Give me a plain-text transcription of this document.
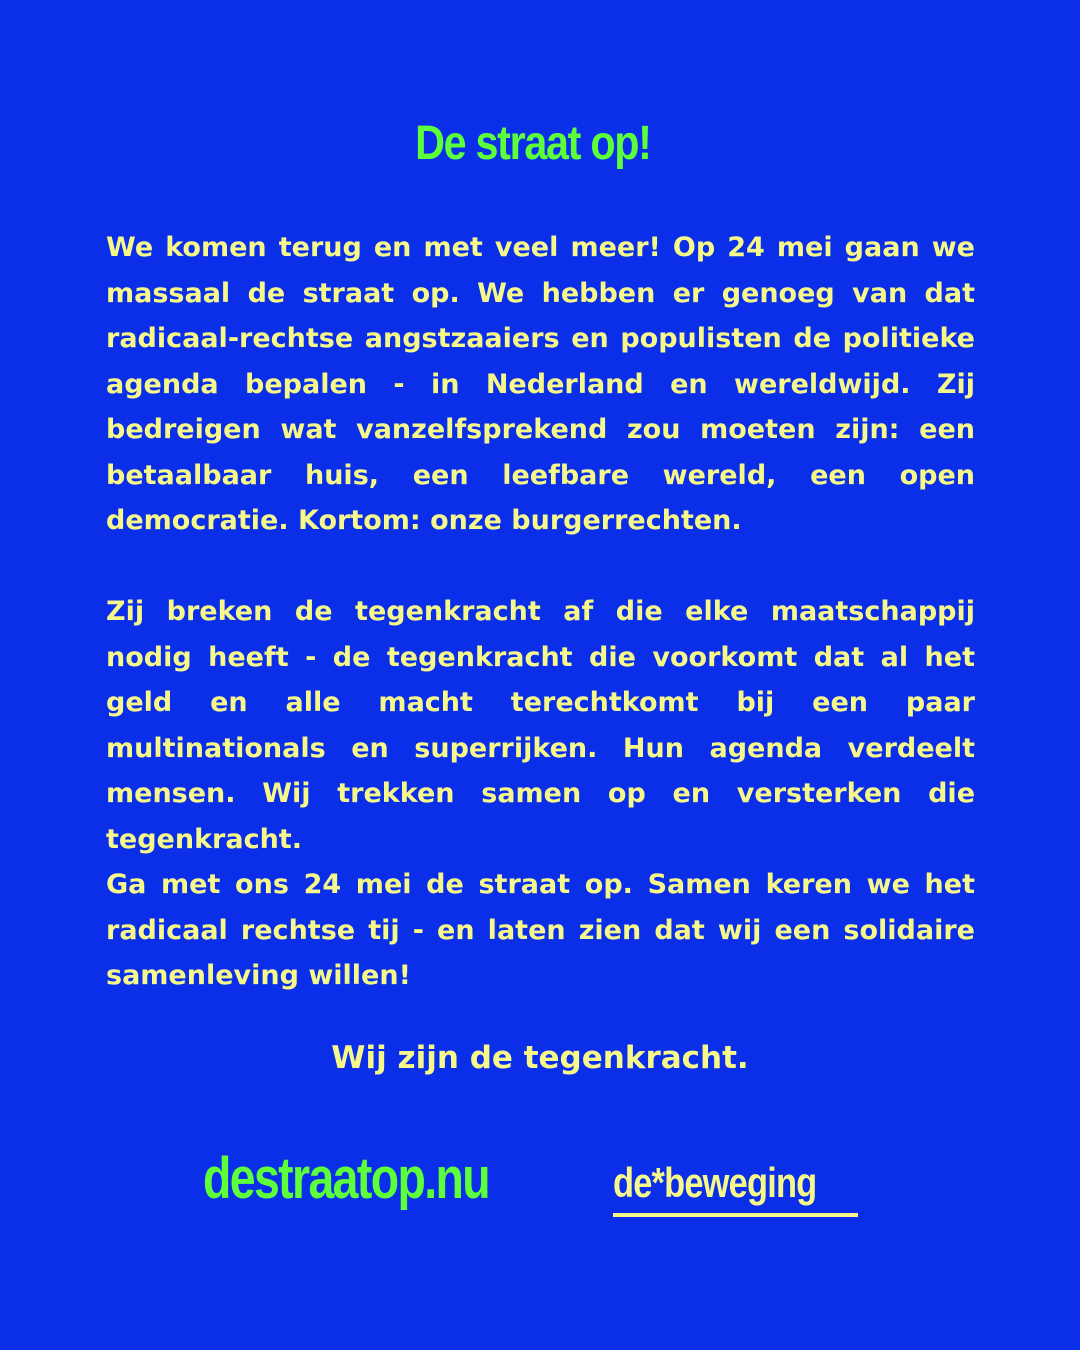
De straat op!

We komen terug en met veel meer! Op 24 mei gaan we massaal de straat op. We hebben er genoeg van dat radicaal-rechtse angstzaaiers en populisten de politieke agenda bepalen - in Nederland en wereldwijd. Zij bedreigen wat vanzelfsprekend zou moeten zijn: een betaalbaar huis, een leefbare wereld, een open democratie. Kortom: onze burgerrechten.

Zij breken de tegenkracht af die elke maatschappij nodig heeft - de tegenkracht die voorkomt dat al het geld en alle macht terechtkomt bij een paar multinationals en superrijken. Hun agenda verdeelt mensen. Wij trekken samen op en versterken die tegenkracht.

Ga met ons 24 mei de straat op. Samen keren we het radicaal rechtse tij - en laten zien dat wij een solidaire samenleving willen!

Wij zijn de tegenkracht.
destraatop.nu	de*beweging
